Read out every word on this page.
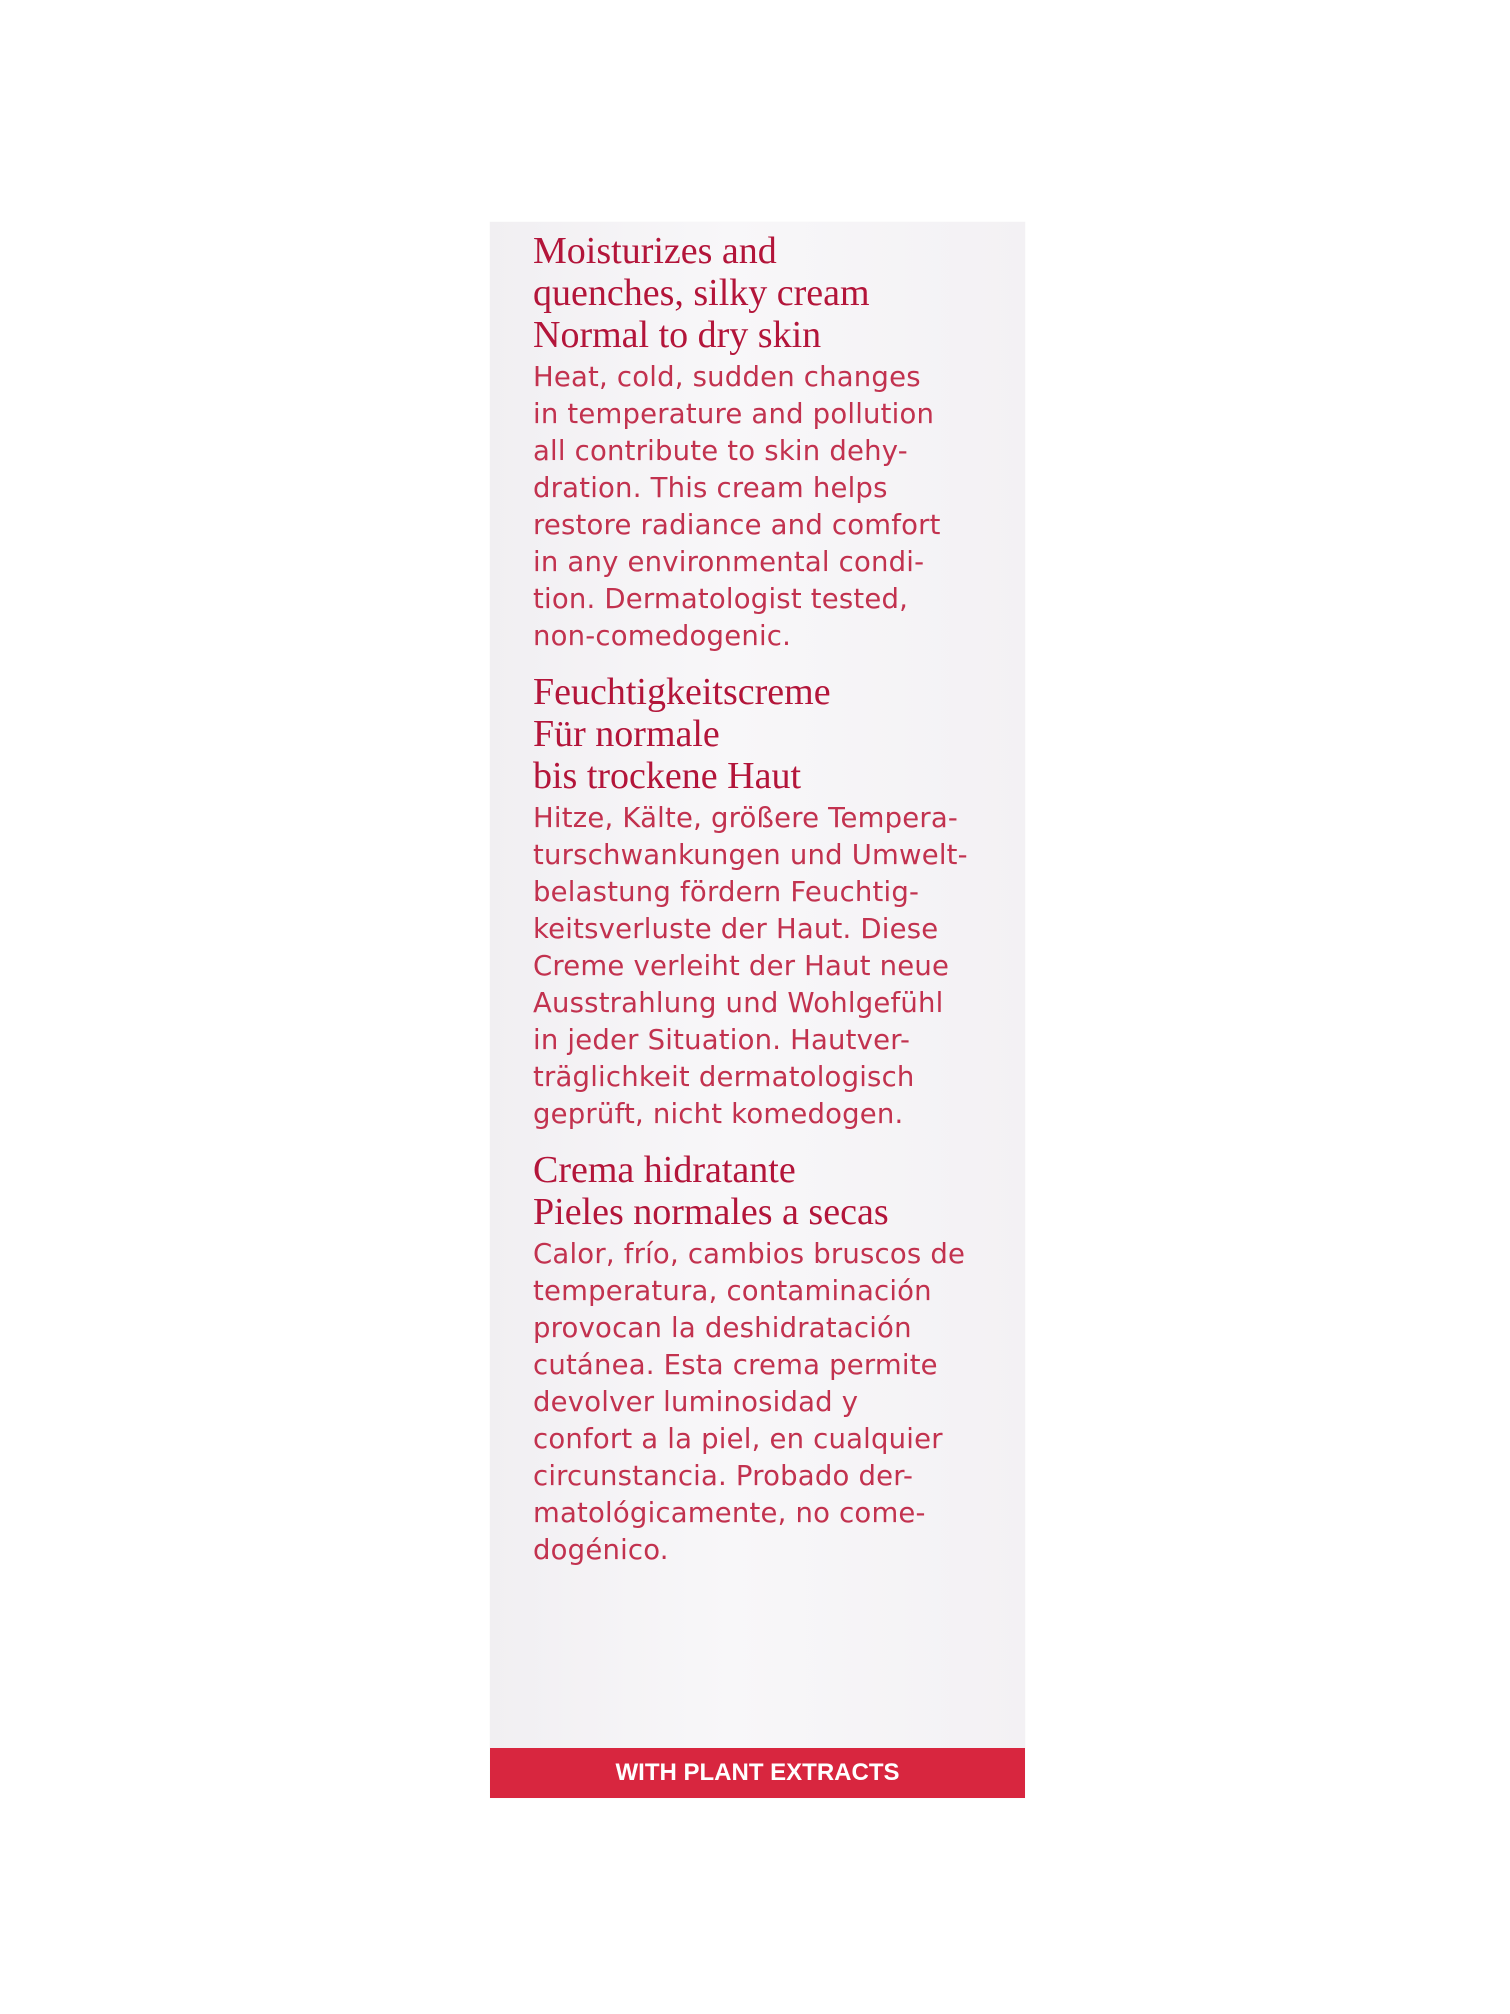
Moisturizes and

quenches, silky cream

Normal to dry skin

Heat, cold, sudden changes
in temperature and pollution
all contribute to skin dehy-
dration. This cream helps
restore radiance and comfort
in any environmental condi-
tion. Dermatologist tested,
non-comedogenic.

Feuchtigkeitscreme

Für normale

bis trockene Haut

Hitze, Kälte, größere Tempera-
turschwankungen und Umwelt-
belastung fördern Feuchtig-
keitsverluste der Haut. Diese
Creme verleiht der Haut neue
Ausstrahlung und Wohlgefühl
in jeder Situation. Hautver-
träglichkeit dermatologisch
geprüft, nicht komedogen.

Crema hidratante

Pieles normales a secas

Calor, frío, cambios bruscos de
temperatura, contaminación
provocan la deshidratación
cutánea. Esta crema permite
devolver luminosidad y
confort a la piel, en cualquier
circunstancia. Probado der-
matológicamente, no come-
dogénico.

WITH PLANT EXTRACTS
